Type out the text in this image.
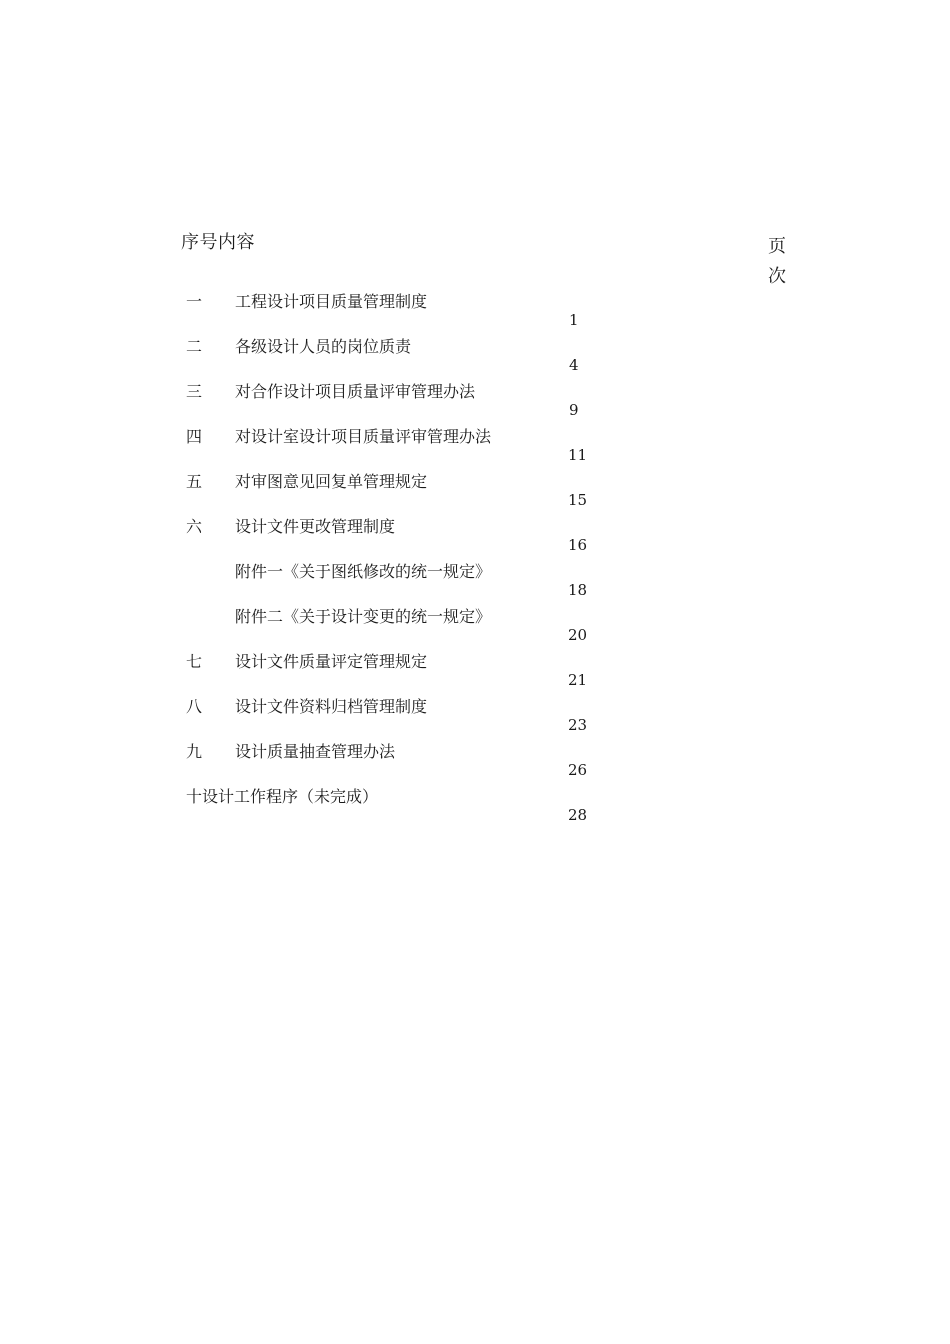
序号内容	页
次
一 工程设计项目质量管理制度
1
二 各级设计人员的岗位质责
4
三 对合作设计项目质量评审管理办法
9
四 对设计室设计项目质量评审管理办法
11
五 对审图意见回复单管理规定
15
六 设计文件更改管理制度
16
附件一《关于图纸修改的统一规定》
18
附件二《关于设计变更的统一规定》
20
七 设计文件质量评定管理规定
21
八 设计文件资料归档管理制度
23
九 设计质量抽查管理办法
26
十设计工作程序（未完成）
28
